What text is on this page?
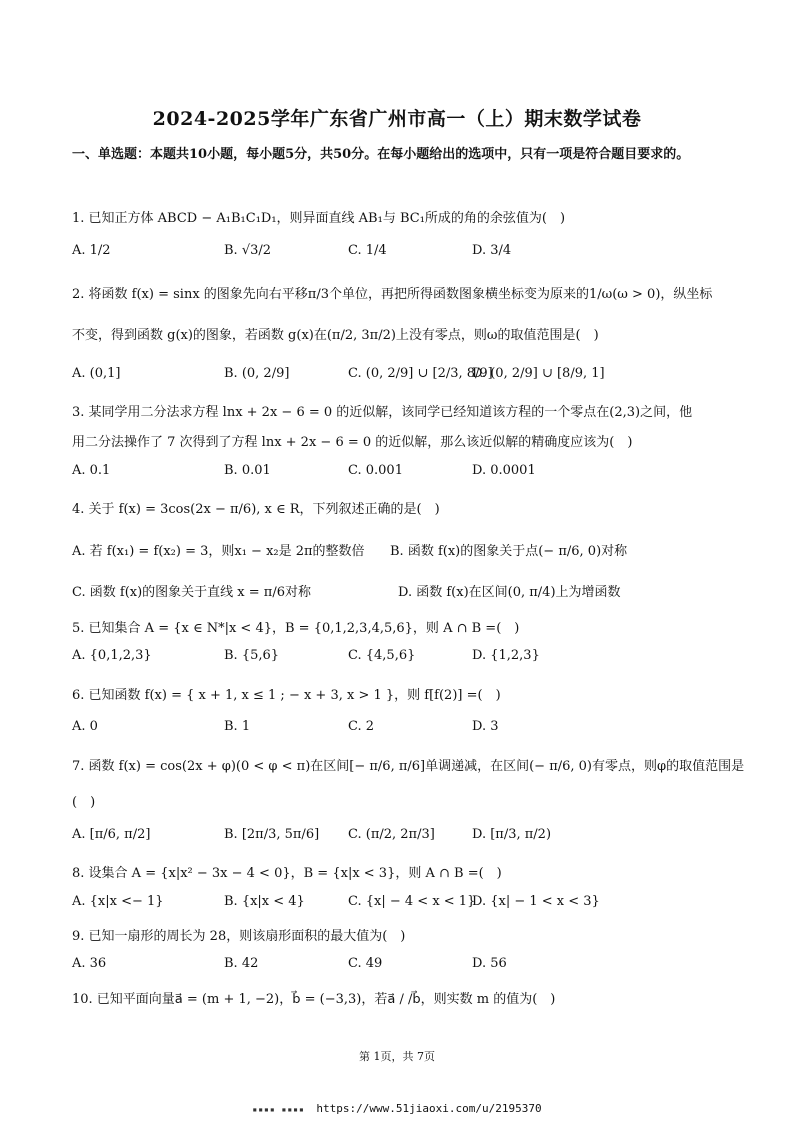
2024-2025学年广东省广州市高一（上）期末数学试卷
一、单选题：本题共10小题，每小题5分，共50分。在每小题给出的选项中，只有一项是符合题目要求的。
1. 已知正方体 ABCD − A₁B₁C₁D₁，则异面直线 AB₁与 BC₁所成的角的余弦值为(　)
A. 1/2	B. √3/2	C. 1/4	D. 3/4
2. 将函数 f(x) = sinx 的图象先向右平移π/3个单位，再把所得函数图象横坐标变为原来的1/ω(ω > 0)，纵坐标
不变，得到函数 g(x)的图象，若函数 g(x)在(π/2, 3π/2)上没有零点，则ω的取值范围是(　)
A. (0,1]	B. (0, 2/9]	C. (0, 2/9] ∪ [2/3, 8/9]
D. (0, 2/9] ∪ [8/9, 1]
3. 某同学用二分法求方程 lnx + 2x − 6 = 0 的近似解，该同学已经知道该方程的一个零点在(2,3)之间，他
用二分法操作了 7 次得到了方程 lnx + 2x − 6 = 0 的近似解，那么该近似解的精确度应该为(　)
A. 0.1	B. 0.01	C. 0.001	D. 0.0001
4. 关于 f(x) = 3cos(2x − π/6), x ∈ R，下列叙述正确的是(　)
A. 若 f(x₁) = f(x₂) = 3，则x₁ − x₂是 2π的整数倍 B. 函数 f(x)的图象关于点(− π/6, 0)对称
C. 函数 f(x)的图象关于直线 x = π/6对称	D. 函数 f(x)在区间(0, π/4)上为增函数
5. 已知集合 A = {x ∈ N*|x < 4}，B = {0,1,2,3,4,5,6}，则 A ∩ B =(　)
A. {0,1,2,3}	B. {5,6}	C. {4,5,6}	D. {1,2,3}
6. 已知函数 f(x) = { x + 1, x ≤ 1 ; − x + 3, x > 1 }，则 f[f(2)] =(　)
A. 0	B. 1	C. 2	D. 3
7. 函数 f(x) = cos(2x + φ)(0 < φ < π)在区间[− π/6, π/6]单调递减，在区间(− π/6, 0)有零点，则φ的取值范围是
(　)
A. [π/6, π/2]	B. [2π/3, 5π/6] C. (π/2, 2π/3]	D. [π/3, π/2)
8. 设集合 A = {x|x² − 3x − 4 < 0}，B = {x|x < 3}，则 A ∩ B =(　)
A. {x|x <− 1}	B. {x|x < 4}	C. {x| − 4 < x < 1}
D. {x| − 1 < x < 3}
9. 已知一扇形的周长为 28，则该扇形面积的最大值为(　)
A. 36	B. 42	C. 49	D. 56
10. 已知平面向量a⃗ = (m + 1, −2)，b⃗ = (−3,3)，若a⃗ / /b⃗，则实数 m 的值为(　)
第 1页，共 7页
▪▪▪▪ ▪▪▪▪  https://www.51jiaoxi.com/u/2195370
